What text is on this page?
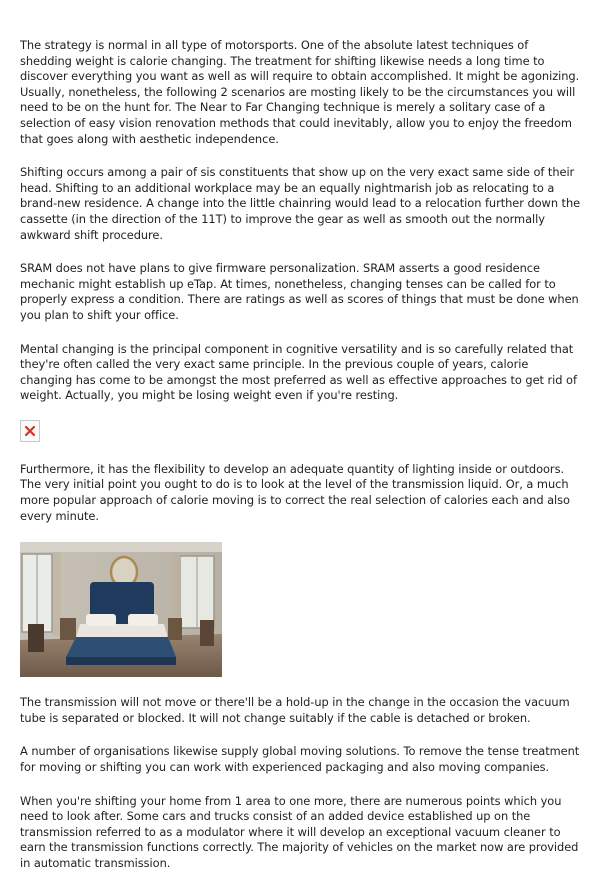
The strategy is normal in all type of motorsports. One of the absolute latest techniques of shedding weight is calorie changing. The treatment for shifting likewise needs a long time to discover everything you want as well as will require to obtain accomplished. It might be agonizing. Usually, nonetheless, the following 2 scenarios are mosting likely to be the circumstances you will need to be on the hunt for. The Near to Far Changing technique is merely a solitary case of a selection of easy vision renovation methods that could inevitably, allow you to enjoy the freedom that goes along with aesthetic independence.

Shifting occurs among a pair of sis constituents that show up on the very exact same side of their head. Shifting to an additional workplace may be an equally nightmarish job as relocating to a brand-new residence. A change into the little chainring would lead to a relocation further down the cassette (in the direction of the 11T) to improve the gear as well as smooth out the normally awkward shift procedure.

SRAM does not have plans to give firmware personalization. SRAM asserts a good residence mechanic might establish up eTap. At times, nonetheless, changing tenses can be called for to properly express a condition. There are ratings as well as scores of things that must be done when you plan to shift your office.

Mental changing is the principal component in cognitive versatility and is so carefully related that they're often called the very exact same principle. In the previous couple of years, calorie changing has come to be amongst the most preferred as well as effective approaches to get rid of weight. Actually, you might be losing weight even if you're resting.

Furthermore, it has the flexibility to develop an adequate quantity of lighting inside or outdoors. The very initial point you ought to do is to look at the level of the transmission liquid. Or, a much more popular approach of calorie moving is to correct the real selection of calories each and also every minute.

The transmission will not move or there'll be a hold-up in the change in the occasion the vacuum tube is separated or blocked. It will not change suitably if the cable is detached or broken.

A number of organisations likewise supply global moving solutions. To remove the tense treatment for moving or shifting you can work with experienced packaging and also moving companies.

When you're shifting your home from 1 area to one more, there are numerous points which you need to look after. Some cars and trucks consist of an added device established up on the transmission referred to as a modulator where it will develop an exceptional vacuum cleaner to earn the transmission functions correctly. The majority of vehicles on the market now are provided in automatic transmission.
